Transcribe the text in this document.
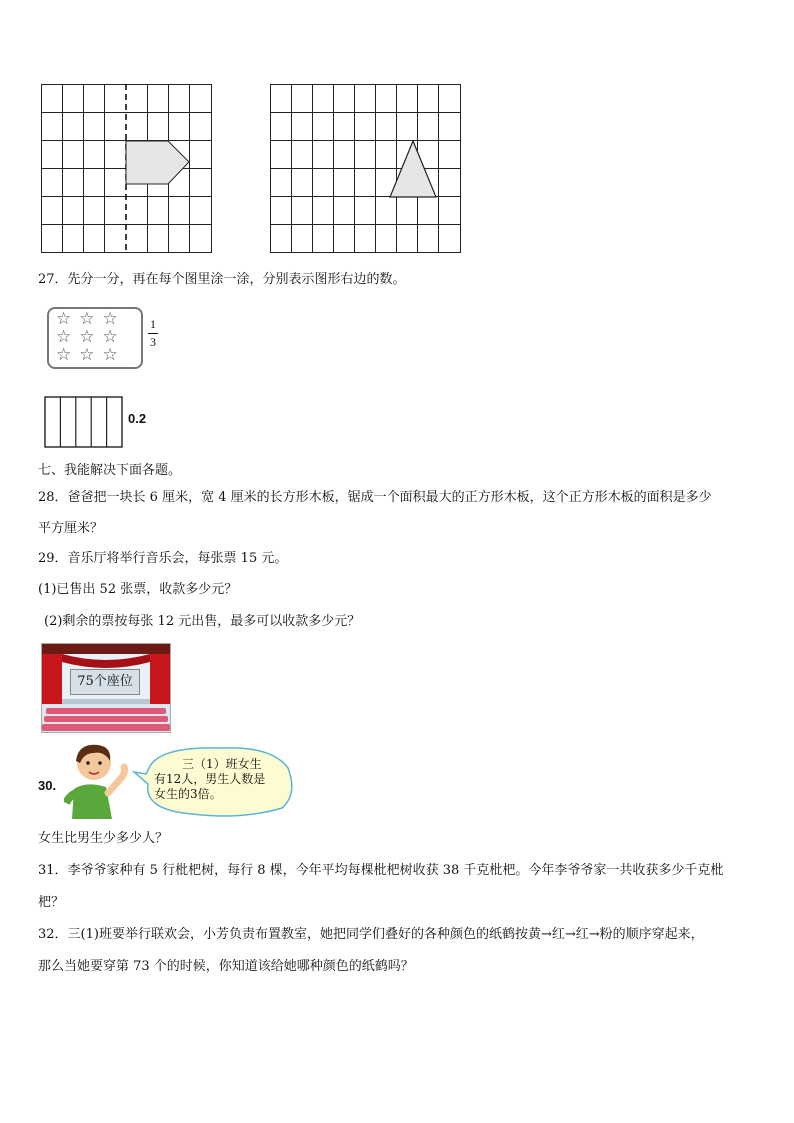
27．先分一分，再在每个图里涂一涂，分别表示图形右边的数。
☆☆☆
☆☆☆
☆☆☆
1
3
0.2
七、我能解决下面各题。
28．爸爸把一块长 6 厘米，宽 4 厘米的长方形木板，锯成一个面积最大的正方形木板，这个正方形木板的面积是多少
平方厘米？
29．音乐厅将举行音乐会，每张票 15 元。
(1)已售出 52 张票，收款多少元？
(2)剩余的票按每张 12 元出售，最多可以收款多少元？
75个座位
30.
三（1）班女生
有12人，男生人数是
女生的3倍。
女生比男生少多少人？
31．李爷爷家种有 5 行枇杷树，每行 8 棵，今年平均每棵枇杷树收获 38 千克枇杷。今年李爷爷家一共收获多少千克枇
杷？
32．三(1)班要举行联欢会，小芳负责布置教室，她把同学们叠好的各种颜色的纸鹤按黄→红→红→粉的顺序穿起来，
那么当她要穿第 73 个的时候，你知道该给她哪种颜色的纸鹤吗？
